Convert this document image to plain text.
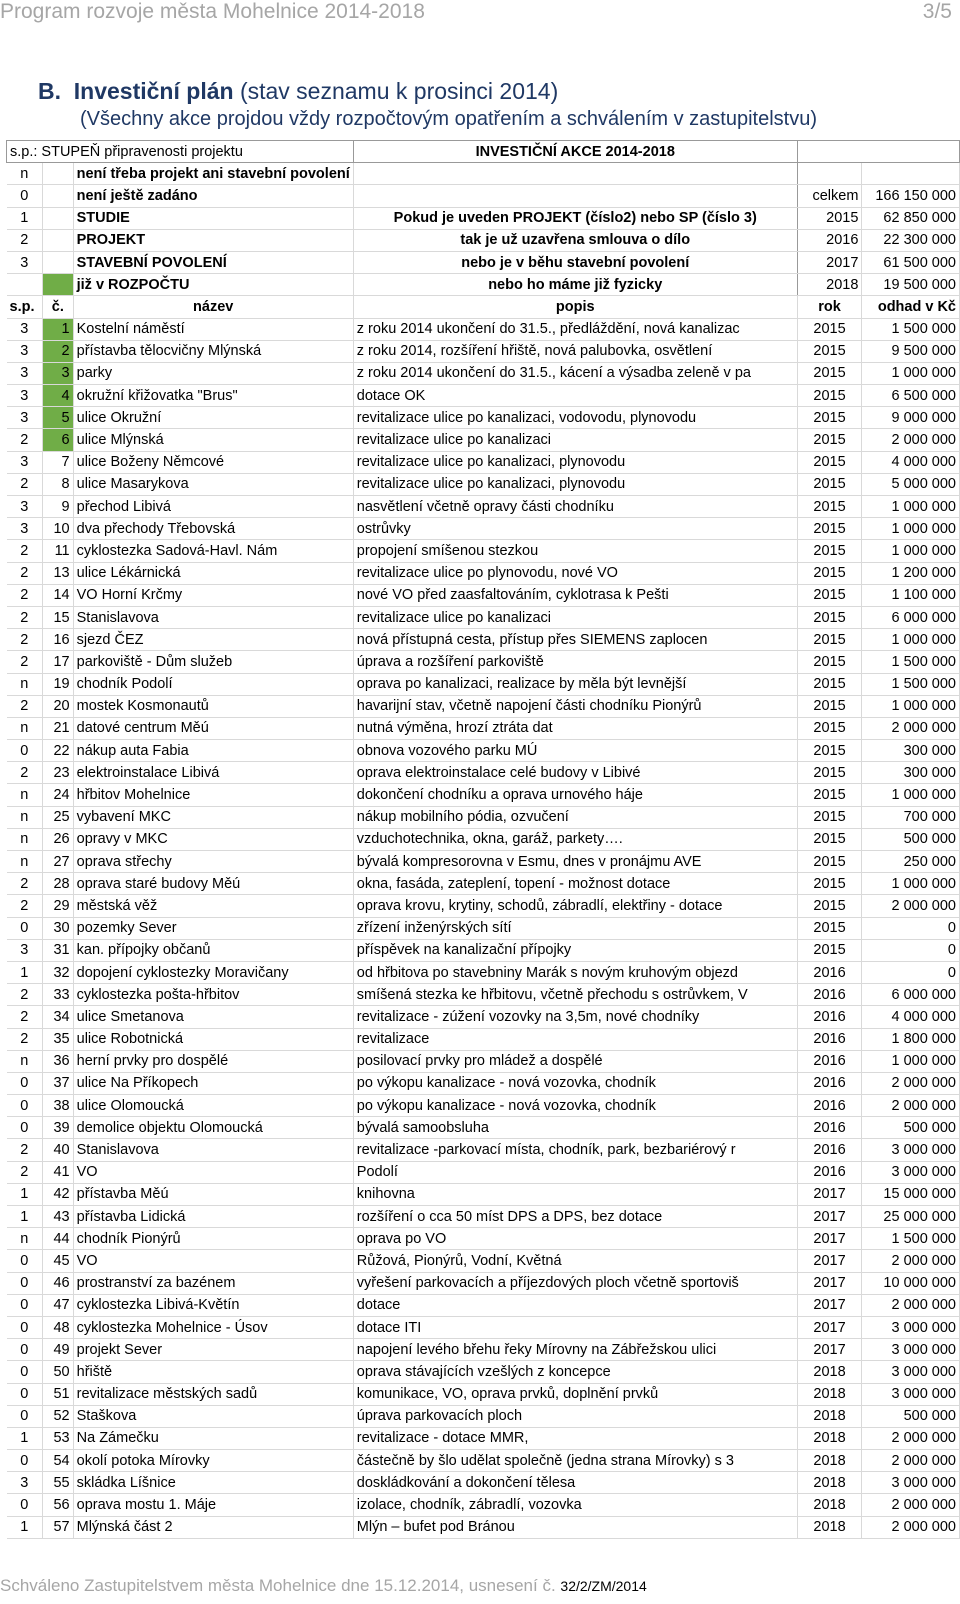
Program rozvoje města Mohelnice 2014-2018	3/5
B. Investiční plán (stav seznamu k prosinci 2014)
(Všechny akce projdou vždy rozpočtovým opatřením a schválením v zastupitelstvu)
s.p.: STUPEŇ připravenosti projektu			INVESTIČNÍ AKCE 2014-2018		
n		není třeba projekt ani stavební povolení			
0		není ještě zadáno		celkem	166 150 000
1		STUDIE	Pokud je uveden PROJEKT (číslo2) nebo SP (číslo 3)	2015	62 850 000
2		PROJEKT	tak je už uzavřena smlouva o dílo	2016	22 300 000
3		STAVEBNÍ POVOLENÍ	nebo je v běhu stavební povolení	2017	61 500 000
		již v ROZPOČTU	nebo ho máme již fyzicky	2018	19 500 000
s.p.	č.	název	popis	rok	odhad v Kč
3	1	Kostelní náměstí	z roku 2014 ukončení do 31.5., předláždění, nová kanalizac	2015	1 500 000
3	2	přístavba tělocvičny Mlýnská	z roku 2014, rozšíření hřiště, nová palubovka, osvětlení	2015	9 500 000
3	3	parky	z roku 2014 ukončení do 31.5., kácení a výsadba zeleně v pa	2015	1 000 000
3	4	okružní křižovatka "Brus"	dotace OK	2015	6 500 000
3	5	ulice Okružní	revitalizace ulice po kanalizaci, vodovodu, plynovodu	2015	9 000 000
2	6	ulice Mlýnská	revitalizace ulice po kanalizaci	2015	2 000 000
3	7	ulice Boženy Němcové	revitalizace ulice po kanalizaci, plynovodu	2015	4 000 000
2	8	ulice Masarykova	revitalizace ulice po kanalizaci, plynovodu	2015	5 000 000
3	9	přechod Libivá	nasvětlení včetně opravy části chodníku	2015	1 000 000
3	10	dva přechody Třebovská	ostrůvky	2015	1 000 000
2	11	cyklostezka Sadová-Havl. Nám	propojení smíšenou stezkou	2015	1 000 000
2	13	ulice Lékárnická	revitalizace ulice po plynovodu, nové VO	2015	1 200 000
2	14	VO Horní Krčmy	nové VO před zaasfaltováním, cyklotrasa k Pešti	2015	1 100 000
2	15	Stanislavova	revitalizace ulice po kanalizaci	2015	6 000 000
2	16	sjezd ČEZ	nová přístupná cesta, přístup přes SIEMENS zaplocen	2015	1 000 000
2	17	parkoviště - Dům služeb	úprava a rozšíření parkoviště	2015	1 500 000
n	19	chodník Podolí	oprava po kanalizaci, realizace by měla být levnější	2015	1 500 000
2	20	mostek Kosmonautů	havarijní stav, včetně napojení části chodníku Pionýrů	2015	1 000 000
n	21	datové centrum Měú	nutná výměna, hrozí ztráta dat	2015	2 000 000
0	22	nákup auta Fabia	obnova vozového parku MÚ	2015	300 000
2	23	elektroinstalace Libivá	oprava elektroinstalace celé budovy v Libivé	2015	300 000
n	24	hřbitov Mohelnice	dokončení chodníku a oprava urnového háje	2015	1 000 000
n	25	vybavení MKC	nákup mobilního pódia, ozvučení	2015	700 000
n	26	opravy v MKC	vzduchotechnika, okna, garáž, parkety….	2015	500 000
n	27	oprava střechy	bývalá kompresorovna v Esmu, dnes v pronájmu AVE	2015	250 000
2	28	oprava staré budovy Měú	okna, fasáda, zateplení, topení - možnost dotace	2015	1 000 000
2	29	městská věž	oprava krovu, krytiny, schodů, zábradlí, elektřiny - dotace	2015	2 000 000
0	30	pozemky Sever	zřízení inženýrských sítí	2015	0
3	31	kan. přípojky občanů	příspěvek na kanalizační přípojky	2015	0
1	32	dopojení cyklostezky Moravičany	od hřbitova po stavebniny Marák s novým kruhovým objezd	2016	0
2	33	cyklostezka pošta-hřbitov	smíšená stezka ke hřbitovu, včetně přechodu s ostrůvkem, V	2016	6 000 000
2	34	ulice Smetanova	revitalizace - zúžení vozovky na 3,5m, nové chodníky	2016	4 000 000
2	35	ulice Robotnická	revitalizace	2016	1 800 000
n	36	herní prvky pro dospělé	posilovací prvky pro mládež a dospělé	2016	1 000 000
0	37	ulice Na Příkopech	po výkopu kanalizace - nová vozovka, chodník	2016	2 000 000
0	38	ulice Olomoucká	po výkopu kanalizace - nová vozovka, chodník	2016	2 000 000
0	39	demolice objektu Olomoucká	bývalá samoobsluha	2016	500 000
2	40	Stanislavova	revitalizace -parkovací místa, chodník, park, bezbariérový r	2016	3 000 000
2	41	VO	Podolí	2016	3 000 000
1	42	přístavba Měú	knihovna	2017	15 000 000
1	43	přístavba Lidická	rozšíření o cca 50 míst DPS a DPS, bez dotace	2017	25 000 000
n	44	chodník Pionýrů	oprava po VO	2017	1 500 000
0	45	VO	Růžová, Pionýrů, Vodní, Květná	2017	2 000 000
0	46	prostranství za bazénem	vyřešení parkovacích a příjezdových ploch včetně sportoviš	2017	10 000 000
0	47	cyklostezka Libivá-Květín	dotace	2017	2 000 000
0	48	cyklostezka Mohelnice - Úsov	dotace ITI	2017	3 000 000
0	49	projekt Sever	napojení levého břehu řeky Mírovny na Zábřežskou ulici	2017	3 000 000
0	50	hřiště	oprava stávajících vzešlých z koncepce	2018	3 000 000
0	51	revitalizace městských sadů	komunikace, VO, oprava prvků, doplnění prvků	2018	3 000 000
0	52	Staškova	úprava parkovacích ploch	2018	500 000
1	53	Na Zámečku	revitalizace - dotace MMR,	2018	2 000 000
0	54	okolí potoka Mírovky	částečně by šlo udělat společně (jedna strana Mírovky) s 3	2018	2 000 000
3	55	skládka Líšnice	doskládkování a dokončení tělesa	2018	3 000 000
0	56	oprava mostu 1. Máje	izolace, chodník, zábradlí, vozovka	2018	2 000 000
1	57	Mlýnská část 2	Mlýn – bufet pod Bránou	2018	2 000 000
Schváleno Zastupitelstvem města Mohelnice dne 15.12.2014, usnesení č. 32/2/ZM/2014
